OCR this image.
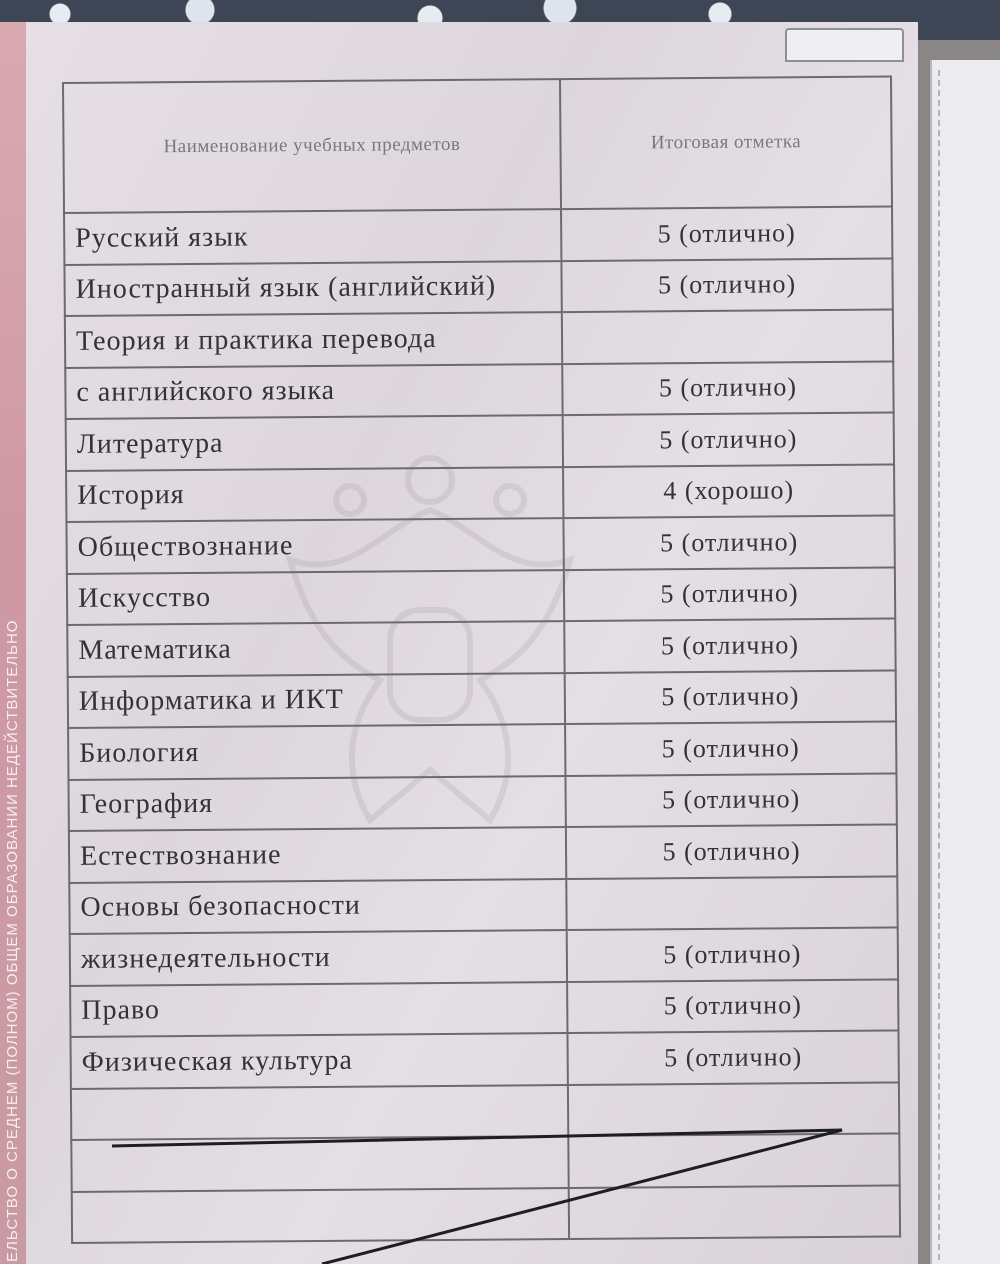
ЕЛЬСТВО О СРЕДНЕМ (ПОЛНОМ) ОБЩЕМ ОБРАЗОВАНИИ НЕДЕЙСТВИТЕЛЬНО
Наименование учебных предметов	Итоговая отметка
Русский язык	5 (отлично)
Иностранный язык (английский)	5 (отлично)
Теория и практика перевода	
с английского языка	5 (отлично)
Литература	5 (отлично)
История	4 (хорошо)
Обществознание	5 (отлично)
Искусство	5 (отлично)
Математика	5 (отлично)
Информатика и ИКТ	5 (отлично)
Биология	5 (отлично)
География	5 (отлично)
Естествознание	5 (отлично)
Основы безопасности	
жизнедеятельности	5 (отлично)
Право	5 (отлично)
Физическая культура	5 (отлично)
